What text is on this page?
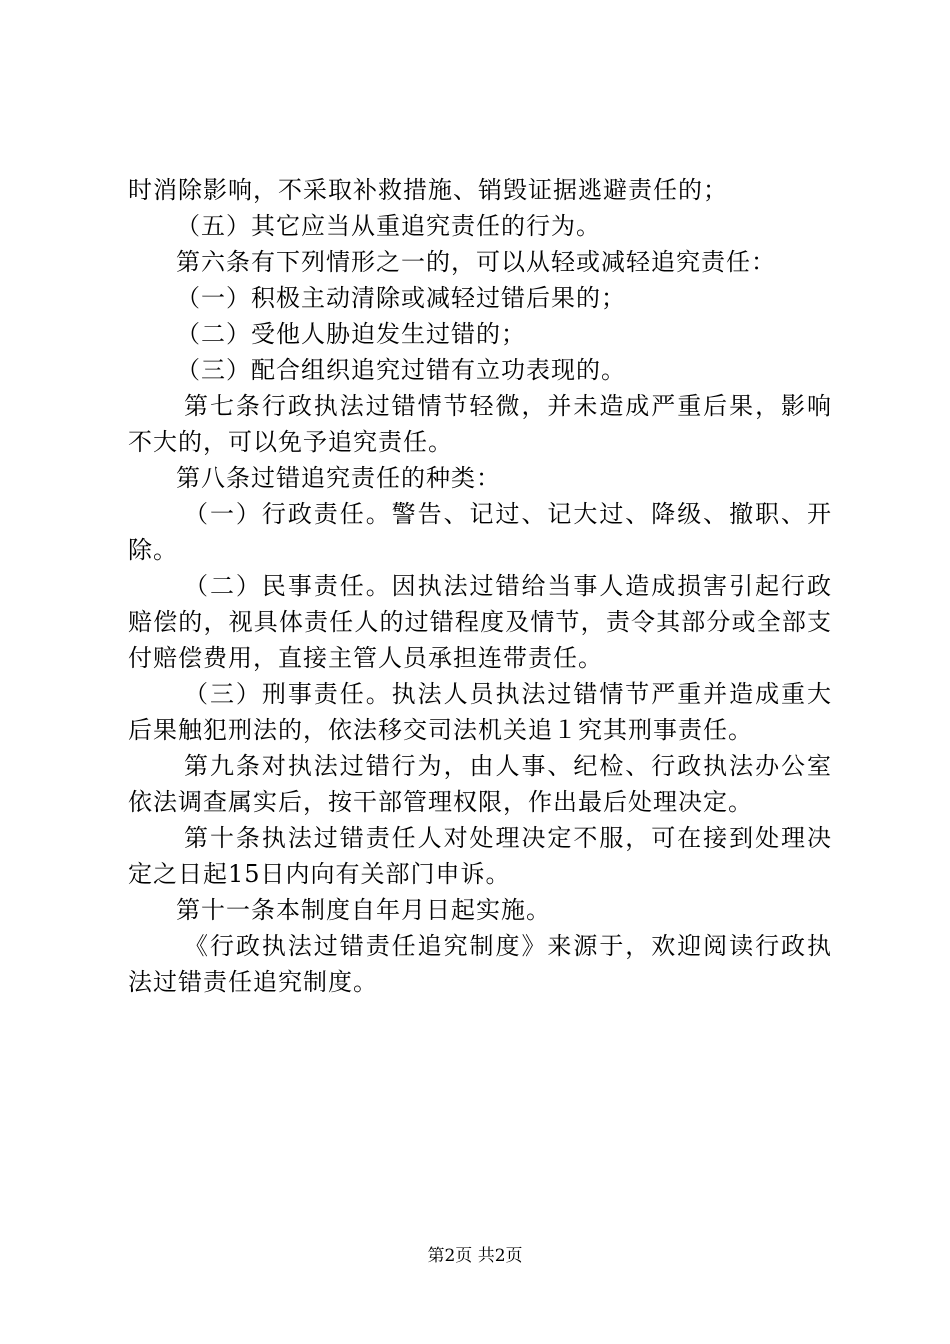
时消除影响，不采取补救措施、销毁证据逃避责任的；

（五）其它应当从重追究责任的行为。

第六条有下列情形之一的，可以从轻或减轻追究责任：

（一）积极主动清除或减轻过错后果的；

（二）受他人胁迫发生过错的；

（三）配合组织追究过错有立功表现的。

第七条行政执法过错情节轻微，并未造成严重后果，影响不大的，可以免予追究责任。

第八条过错追究责任的种类：

（一）行政责任。警告、记过、记大过、降级、撤职、开除。

（二）民事责任。因执法过错给当事人造成损害引起行政赔偿的，视具体责任人的过错程度及情节，责令其部分或全部支付赔偿费用，直接主管人员承担连带责任。

（三）刑事责任。执法人员执法过错情节严重并造成重大后果触犯刑法的，依法移交司法机关追１究其刑事责任。

第九条对执法过错行为，由人事、纪检、行政执法办公室依法调查属实后，按干部管理权限，作出最后处理决定。

第十条执法过错责任人对处理决定不服，可在接到处理决定之日起15日内向有关部门申诉。

第十一条本制度自年月日起实施。

《行政执法过错责任追究制度》来源于，欢迎阅读行政执法过错责任追究制度。

第2页 共2页
